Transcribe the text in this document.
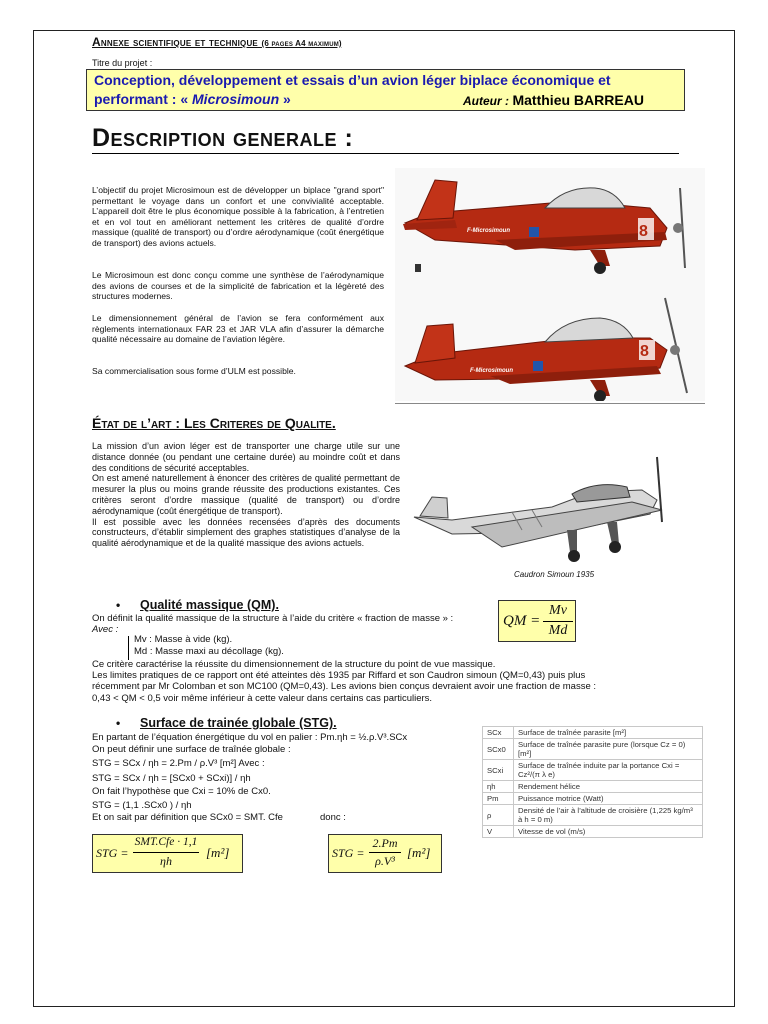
Annexe scientifique et technique (6 pages A4 maximum)
Titre du projet :
Conception, développement et essais d’un avion léger biplace économique et
performant : « Microsimoun »	Auteur : Matthieu BARREAU
Description generale :
L’objectif du projet Microsimoun est de développer un biplace "grand sport" permettant le voyage dans un confort et une convivialité acceptable. L’appareil doit être le plus économique possible à la fabrication, à l’entretien et en vol tout en améliorant nettement les critères de qualité d’ordre massique (qualité de transport) ou d’ordre aérodynamique (coût énergétique de transport) des avions actuels.
Le Microsimoun est donc conçu comme une synthèse de l’aérodynamique des avions de courses et de la simplicité de fabrication et la légèreté des structures modernes.
Le dimensionnement général de l’avion se fera conformément aux règlements internationaux FAR 23 et JAR VLA afin d’assurer la démarche qualité nécessaire au domaine de l’aviation légère.
Sa commercialisation sous forme d’ULM est possible.
F-Microsimoun	8
F-Microsimoun
8
État de l’art : Les Criteres de Qualite.
La mission d’un avion léger est de transporter une charge utile sur une distance donnée (ou pendant une certaine durée) au moindre coût et dans des conditions de sécurité acceptables.
On est amené naturellement à énoncer des critères de qualité permettant de mesurer la plus ou moins grande réussite des productions existantes. Ces critères seront d’ordre massique (qualité de transport) ou d’ordre aérodynamique (coût énergétique de transport).
Il est possible avec les données recensées d’après des documents constructeurs, d’établir simplement des graphes statistiques d’analyse de la qualité aérodynamique et de la qualité massique des avions actuels.
Caudron Simoun 1935
• Qualité massique (QM).
On définit la qualité massique de la structure à l’aide du critère « fraction de masse » :
Avec :
Mv : Masse à vide (kg).
Md : Masse maxi au décollage (kg).
Ce critère caractérise la réussite du dimensionnement de la structure du point de vue massique.
Les limites pratiques de ce rapport ont été atteintes dès 1935 par Riffard et son Caudron simoun (QM=0,43) puis plus
récemment par Mr Colomban et son MC100 (QM=0,43). Les avions bien conçus devraient avoir une fraction de masse :
0,43 < QM < 0,5 voir même inférieur à cette valeur dans certains cas particuliers.
QM =
Mv
Md
• Surface de trainée globale (STG).
En partant de l’équation énergétique du vol en palier : Pm.ηh = ½.ρ.V³.SCx
On peut définir une surface de traînée globale :
STG = SCx / ηh = 2.Pm / ρ.V³ [m²] Avec :
STG = SCx / ηh = [SCx0 + SCxi)] / ηh
On fait l’hypothèse que Cxi = 10% de Cx0.
STG = (1,1 .SCx0 ) / ηh
Et on sait par définition que SCx0 = SMT. Cfe	donc :
STG =
SMT.Cfe · 1,1
ηh
[m²]	STG =
2.Pm
ρ.V³
[m²]
SCx	Surface de traînée parasite [m²]
SCx0	Surface de traînée parasite pure (lorsque Cz = 0) [m²]
SCxi	Surface de traînée induite par la portance Cxi = Cz²/(π λ e)
ηh	Rendement hélice
Pm	Puissance motrice (Watt)
ρ	Densité de l’air à l’altitude de croisière (1,225 kg/m³ à h = 0 m)
V	Vitesse de vol (m/s)
